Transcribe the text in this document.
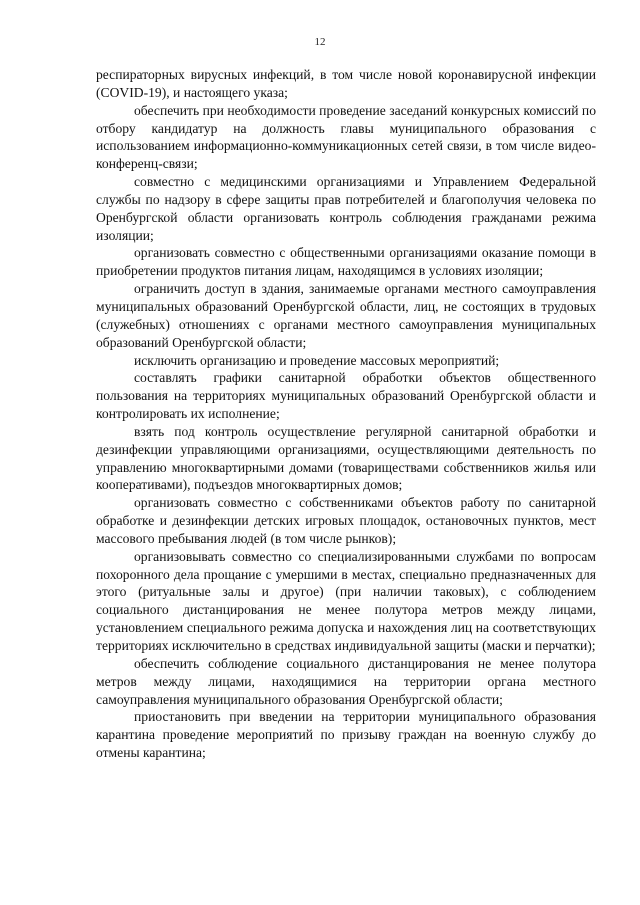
12

респираторных вирусных инфекций, в том числе новой коронавирусной инфекции (COVID-19), и настоящего указа;

обеспечить при необходимости проведение заседаний конкурсных комиссий по отбору кандидатур на должность главы муниципального образования с использованием информационно-коммуникационных сетей связи, в том числе видео-конференц-связи;

совместно с медицинскими организациями и Управлением Федеральной службы по надзору в сфере защиты прав потребителей и благополучия человека по Оренбургской области организовать контроль соблюдения гражданами режима изоляции;

организовать совместно с общественными организациями оказание помощи в приобретении продуктов питания лицам, находящимся в условиях изоляции;

ограничить доступ в здания, занимаемые органами местного самоуправления муниципальных образований Оренбургской области, лиц, не состоящих в трудовых (служебных) отношениях с органами местного самоуправления муниципальных образований Оренбургской области;

исключить организацию и проведение массовых мероприятий;

составлять графики санитарной обработки объектов общественного пользования на территориях муниципальных образований Оренбургской области и контролировать их исполнение;

взять под контроль осуществление регулярной санитарной обработки и дезинфекции управляющими организациями, осуществляющими деятельность по управлению многоквартирными домами (товариществами собственников жилья или кооперативами), подъездов многоквартирных домов;

организовать совместно с собственниками объектов работу по санитарной обработке и дезинфекции детских игровых площадок, остановочных пунктов, мест массового пребывания людей (в том числе рынков);

организовывать совместно со специализированными службами по вопросам похоронного дела прощание с умершими в местах, специально предназначенных для этого (ритуальные залы и другое) (при наличии таковых), с соблюдением социального дистанцирования не менее полутора метров между лицами, установлением специального режима допуска и нахождения лиц на соответствующих территориях исключительно в средствах индивидуальной защиты (маски и перчатки);

обеспечить соблюдение социального дистанцирования не менее полутора метров между лицами, находящимися на территории органа местного самоуправления муниципального образования Оренбургской области;

приостановить при введении на территории муниципального образования карантина проведение мероприятий по призыву граждан на военную службу до отмены карантина;
